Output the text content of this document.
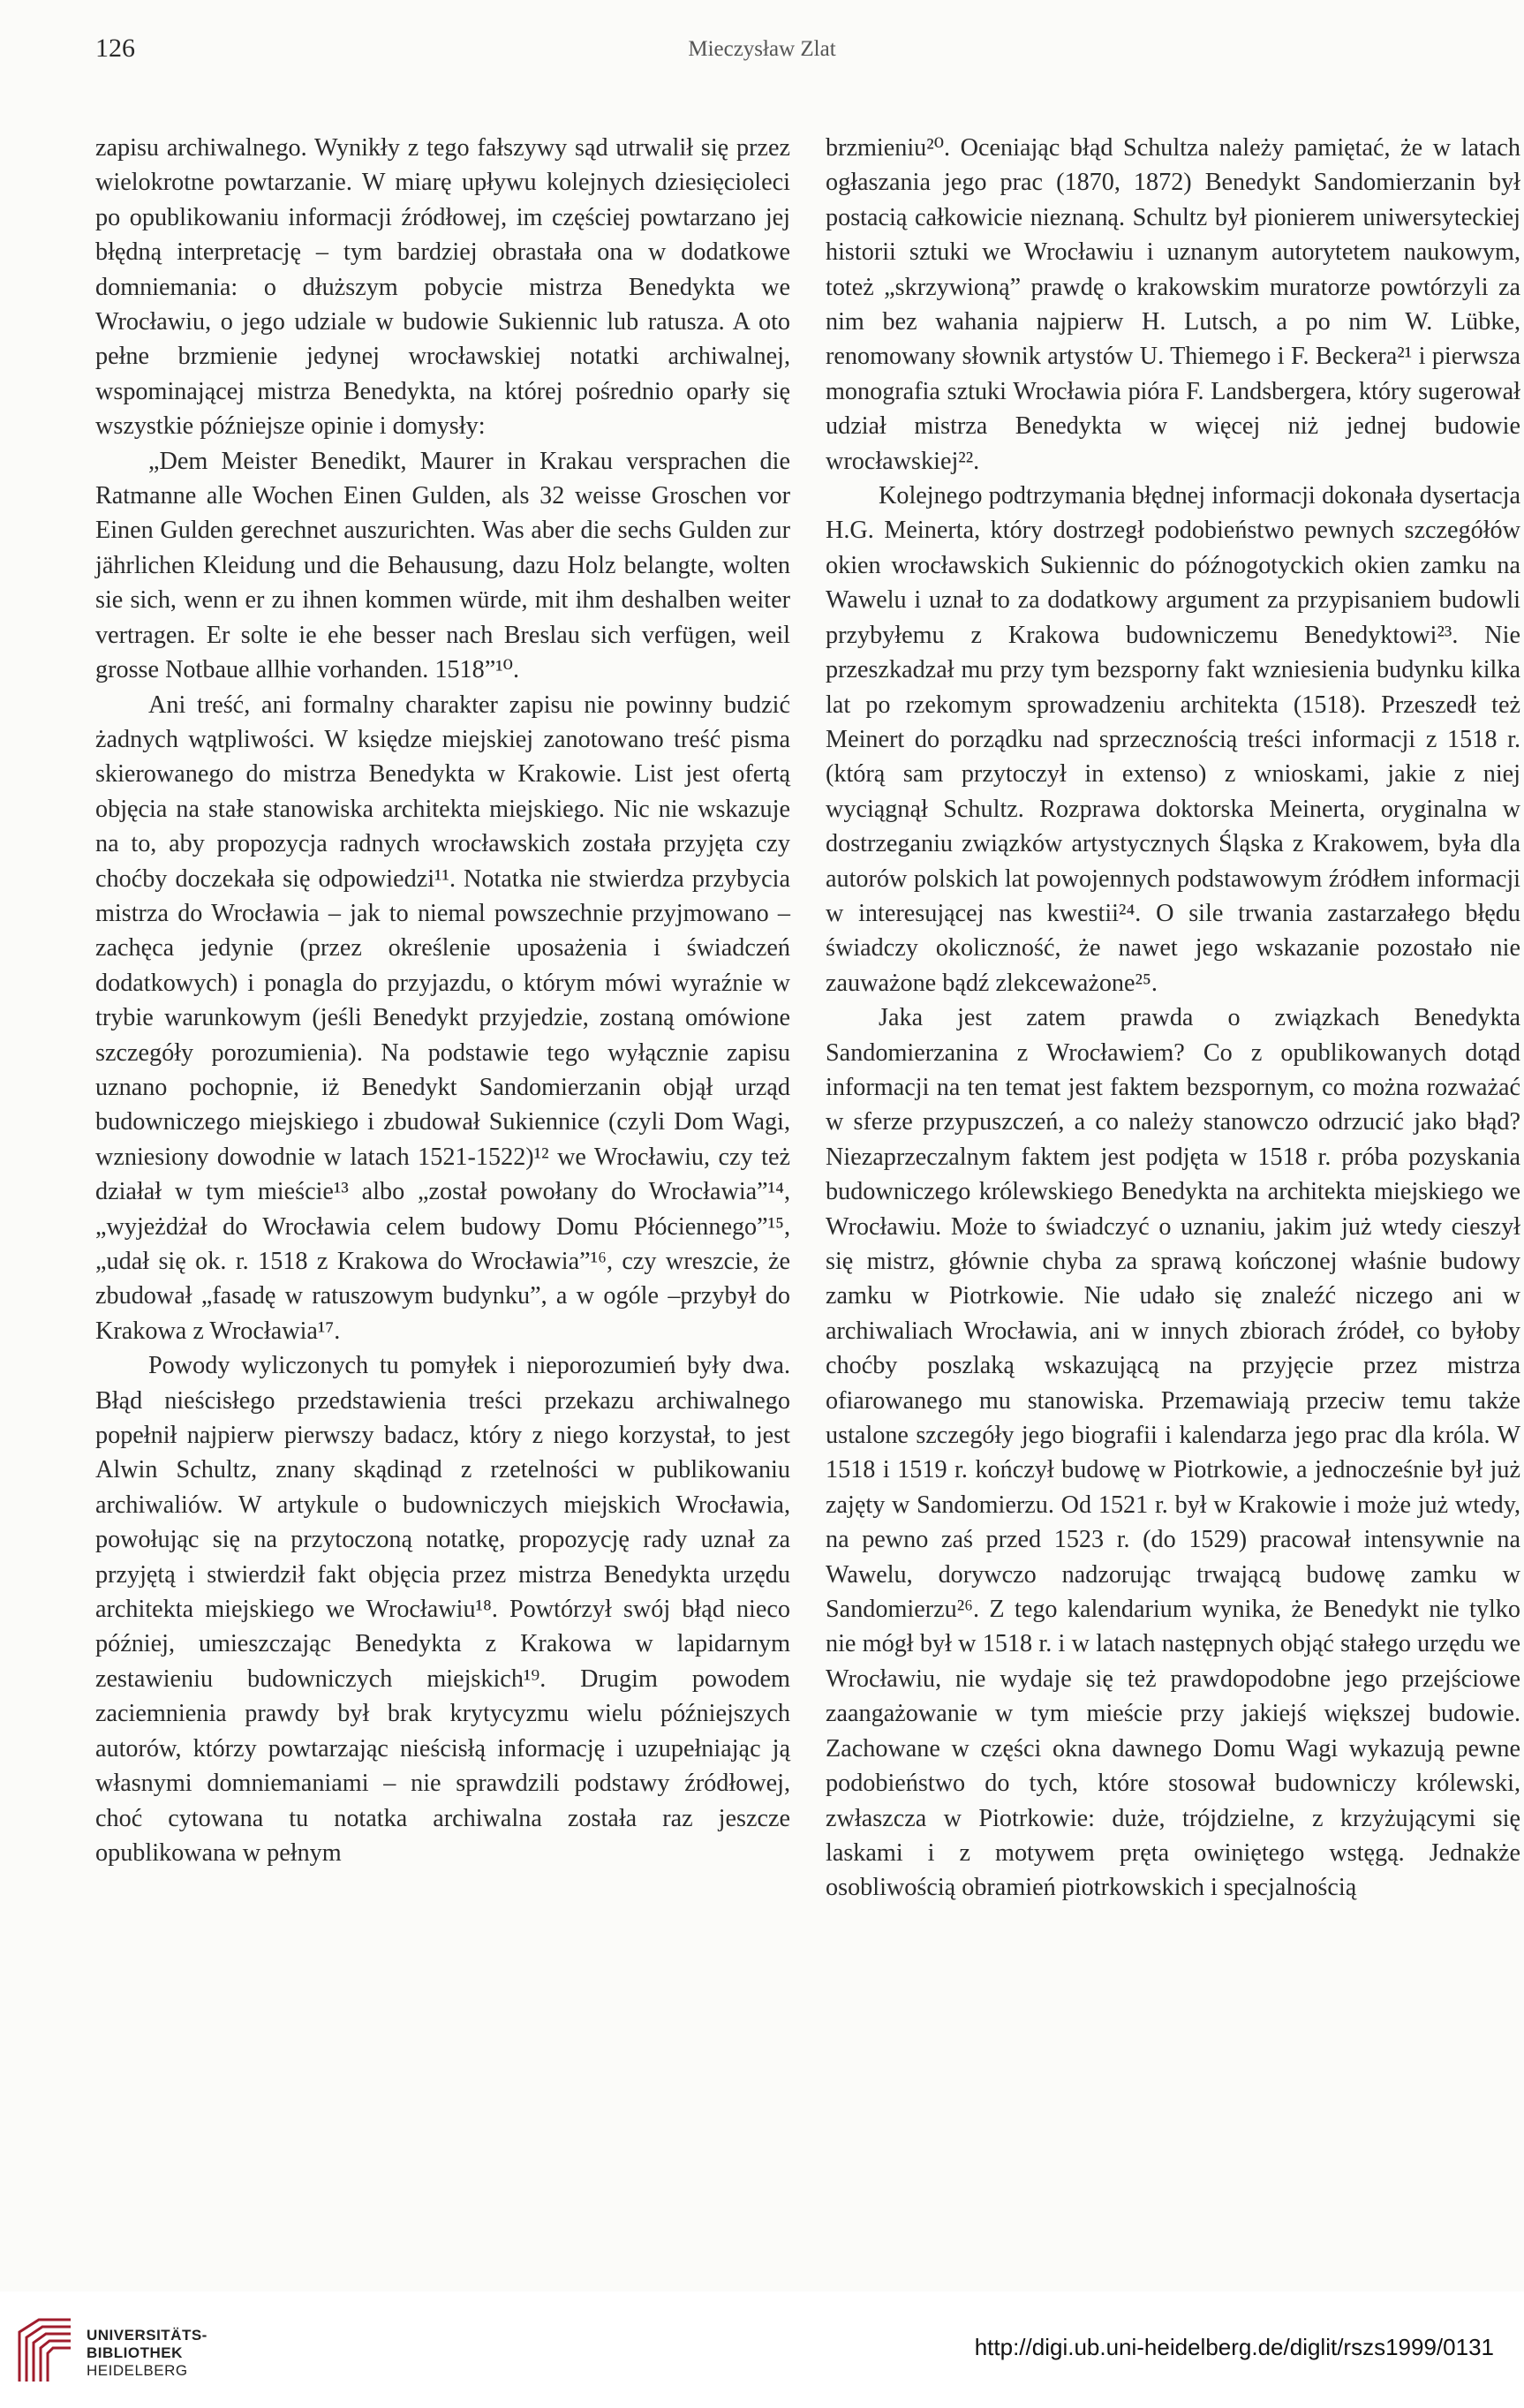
126	Mieczysław Zlat

zapisu archiwalnego. Wynikły z tego fałszywy sąd utrwalił się przez wielokrotne powtarzanie. W miarę upływu kolejnych dziesięcioleci po opublikowaniu informacji źródłowej, im częściej powtarzano jej błędną interpretację – tym bardziej obrastała ona w dodatkowe domniemania: o dłuższym pobycie mistrza Benedykta we Wrocławiu, o jego udziale w budowie Sukiennic lub ratusza. A oto pełne brzmienie jedynej wrocławskiej notatki archiwalnej, wspominającej mistrza Benedykta, na której pośrednio oparły się wszystkie późniejsze opinie i domysły:

„Dem Meister Benedikt, Maurer in Krakau versprachen die Ratmanne alle Wochen Einen Gulden, als 32 weisse Groschen vor Einen Gulden gerechnet auszurichten. Was aber die sechs Gulden zur jährlichen Kleidung und die Behausung, dazu Holz belangte, wolten sie sich, wenn er zu ihnen kommen würde, mit ihm deshalben weiter vertragen. Er solte ie ehe besser nach Breslau sich verfügen, weil grosse Notbaue allhie vorhanden. 1518”¹⁰.

Ani treść, ani formalny charakter zapisu nie powinny budzić żadnych wątpliwości. W księdze miejskiej zanotowano treść pisma skierowanego do mistrza Benedykta w Krakowie. List jest ofertą objęcia na stałe stanowiska architekta miejskiego. Nic nie wskazuje na to, aby propozycja radnych wrocławskich została przyjęta czy choćby doczekała się odpowiedzi¹¹. Notatka nie stwierdza przybycia mistrza do Wrocławia – jak to niemal powszechnie przyjmowano – zachęca jedynie (przez określenie uposażenia i świadczeń dodatkowych) i ponagla do przyjazdu, o którym mówi wyraźnie w trybie warunkowym (jeśli Benedykt przyjedzie, zostaną omówione szczegóły porozumienia). Na podstawie tego wyłącznie zapisu uznano pochopnie, iż Benedykt Sandomierzanin objął urząd budowniczego miejskiego i zbudował Sukiennice (czyli Dom Wagi, wzniesiony dowodnie w latach 1521-1522)¹² we Wrocławiu, czy też działał w tym mieście¹³ albo „został powołany do Wrocławia”¹⁴, „wyjeżdżał do Wrocławia celem budowy Domu Płóciennego”¹⁵, „udał się ok. r. 1518 z Krakowa do Wrocławia”¹⁶, czy wreszcie, że zbudował „fasadę w ratuszowym budynku”, a w ogóle –przybył do Krakowa z Wrocławia¹⁷.

Powody wyliczonych tu pomyłek i nieporozumień były dwa. Błąd nieścisłego przedstawienia treści przekazu archiwalnego popełnił najpierw pierwszy badacz, który z niego korzystał, to jest Alwin Schultz, znany skądinąd z rzetelności w publikowaniu archiwaliów. W artykule o budowniczych miejskich Wrocławia, powołując się na przytoczoną notatkę, propozycję rady uznał za przyjętą i stwierdził fakt objęcia przez mistrza Benedykta urzędu architekta miejskiego we Wrocławiu¹⁸. Powtórzył swój błąd nieco później, umieszczając Benedykta z Krakowa w lapidarnym zestawieniu budowniczych miejskich¹⁹. Drugim powodem zaciemnienia prawdy był brak krytycyzmu wielu późniejszych autorów, którzy powtarzając nieścisłą informację i uzupełniając ją własnymi domniemaniami – nie sprawdzili podstawy źródłowej, choć cytowana tu notatka archiwalna została raz jeszcze opublikowana w pełnym

brzmieniu²⁰. Oceniając błąd Schultza należy pamiętać, że w latach ogłaszania jego prac (1870, 1872) Benedykt Sandomierzanin był postacią całkowicie nieznaną. Schultz był pionierem uniwersyteckiej historii sztuki we Wrocławiu i uznanym autorytetem naukowym, toteż „skrzywioną” prawdę o krakowskim muratorze powtórzyli za nim bez wahania najpierw H. Lutsch, a po nim W. Lübke, renomowany słownik artystów U. Thiemego i F. Beckera²¹ i pierwsza monografia sztuki Wrocławia pióra F. Landsbergera, który sugerował udział mistrza Benedykta w więcej niż jednej budowie wrocławskiej²².

Kolejnego podtrzymania błędnej informacji dokonała dysertacja H.G. Meinerta, który dostrzegł podobieństwo pewnych szczegółów okien wrocławskich Sukiennic do późnogotyckich okien zamku na Wawelu i uznał to za dodatkowy argument za przypisaniem budowli przybyłemu z Krakowa budowniczemu Benedyktowi²³. Nie przeszkadzał mu przy tym bezsporny fakt wzniesienia budynku kilka lat po rzekomym sprowadzeniu architekta (1518). Przeszedł też Meinert do porządku nad sprzecznością treści informacji z 1518 r. (którą sam przytoczył in extenso) z wnioskami, jakie z niej wyciągnął Schultz. Rozprawa doktorska Meinerta, oryginalna w dostrzeganiu związków artystycznych Śląska z Krakowem, była dla autorów polskich lat powojennych podstawowym źródłem informacji w interesującej nas kwestii²⁴. O sile trwania zastarzałego błędu świadczy okoliczność, że nawet jego wskazanie pozostało nie zauważone bądź zlekceważone²⁵.

Jaka jest zatem prawda o związkach Benedykta Sandomierzanina z Wrocławiem? Co z opublikowanych dotąd informacji na ten temat jest faktem bezspornym, co można rozważać w sferze przypuszczeń, a co należy stanowczo odrzucić jako błąd? Niezaprzeczalnym faktem jest podjęta w 1518 r. próba pozyskania budowniczego królewskiego Benedykta na architekta miejskiego we Wrocławiu. Może to świadczyć o uznaniu, jakim już wtedy cieszył się mistrz, głównie chyba za sprawą kończonej właśnie budowy zamku w Piotrkowie. Nie udało się znaleźć niczego ani w archiwaliach Wrocławia, ani w innych zbiorach źródeł, co byłoby choćby poszlaką wskazującą na przyjęcie przez mistrza ofiarowanego mu stanowiska. Przemawiają przeciw temu także ustalone szczegóły jego biografii i kalendarza jego prac dla króla. W 1518 i 1519 r. kończył budowę w Piotrkowie, a jednocześnie był już zajęty w Sandomierzu. Od 1521 r. był w Krakowie i może już wtedy, na pewno zaś przed 1523 r. (do 1529) pracował intensywnie na Wawelu, dorywczo nadzorując trwającą budowę zamku w Sandomierzu²⁶. Z tego kalendarium wynika, że Benedykt nie tylko nie mógł był w 1518 r. i w latach następnych objąć stałego urzędu we Wrocławiu, nie wydaje się też prawdopodobne jego przejściowe zaangażowanie w tym mieście przy jakiejś większej budowie. Zachowane w części okna dawnego Domu Wagi wykazują pewne podobieństwo do tych, które stosował budowniczy królewski, zwłaszcza w Piotrkowie: duże, trójdzielne, z krzyżującymi się laskami i z motywem pręta owiniętego wstęgą. Jednakże osobliwością obramień piotrkowskich i specjalnością

UNIVERSITÄTS-
BIBLIOTHEK
HEIDELBERG
http://digi.ub.uni-heidelberg.de/diglit/rszs1999/0131
